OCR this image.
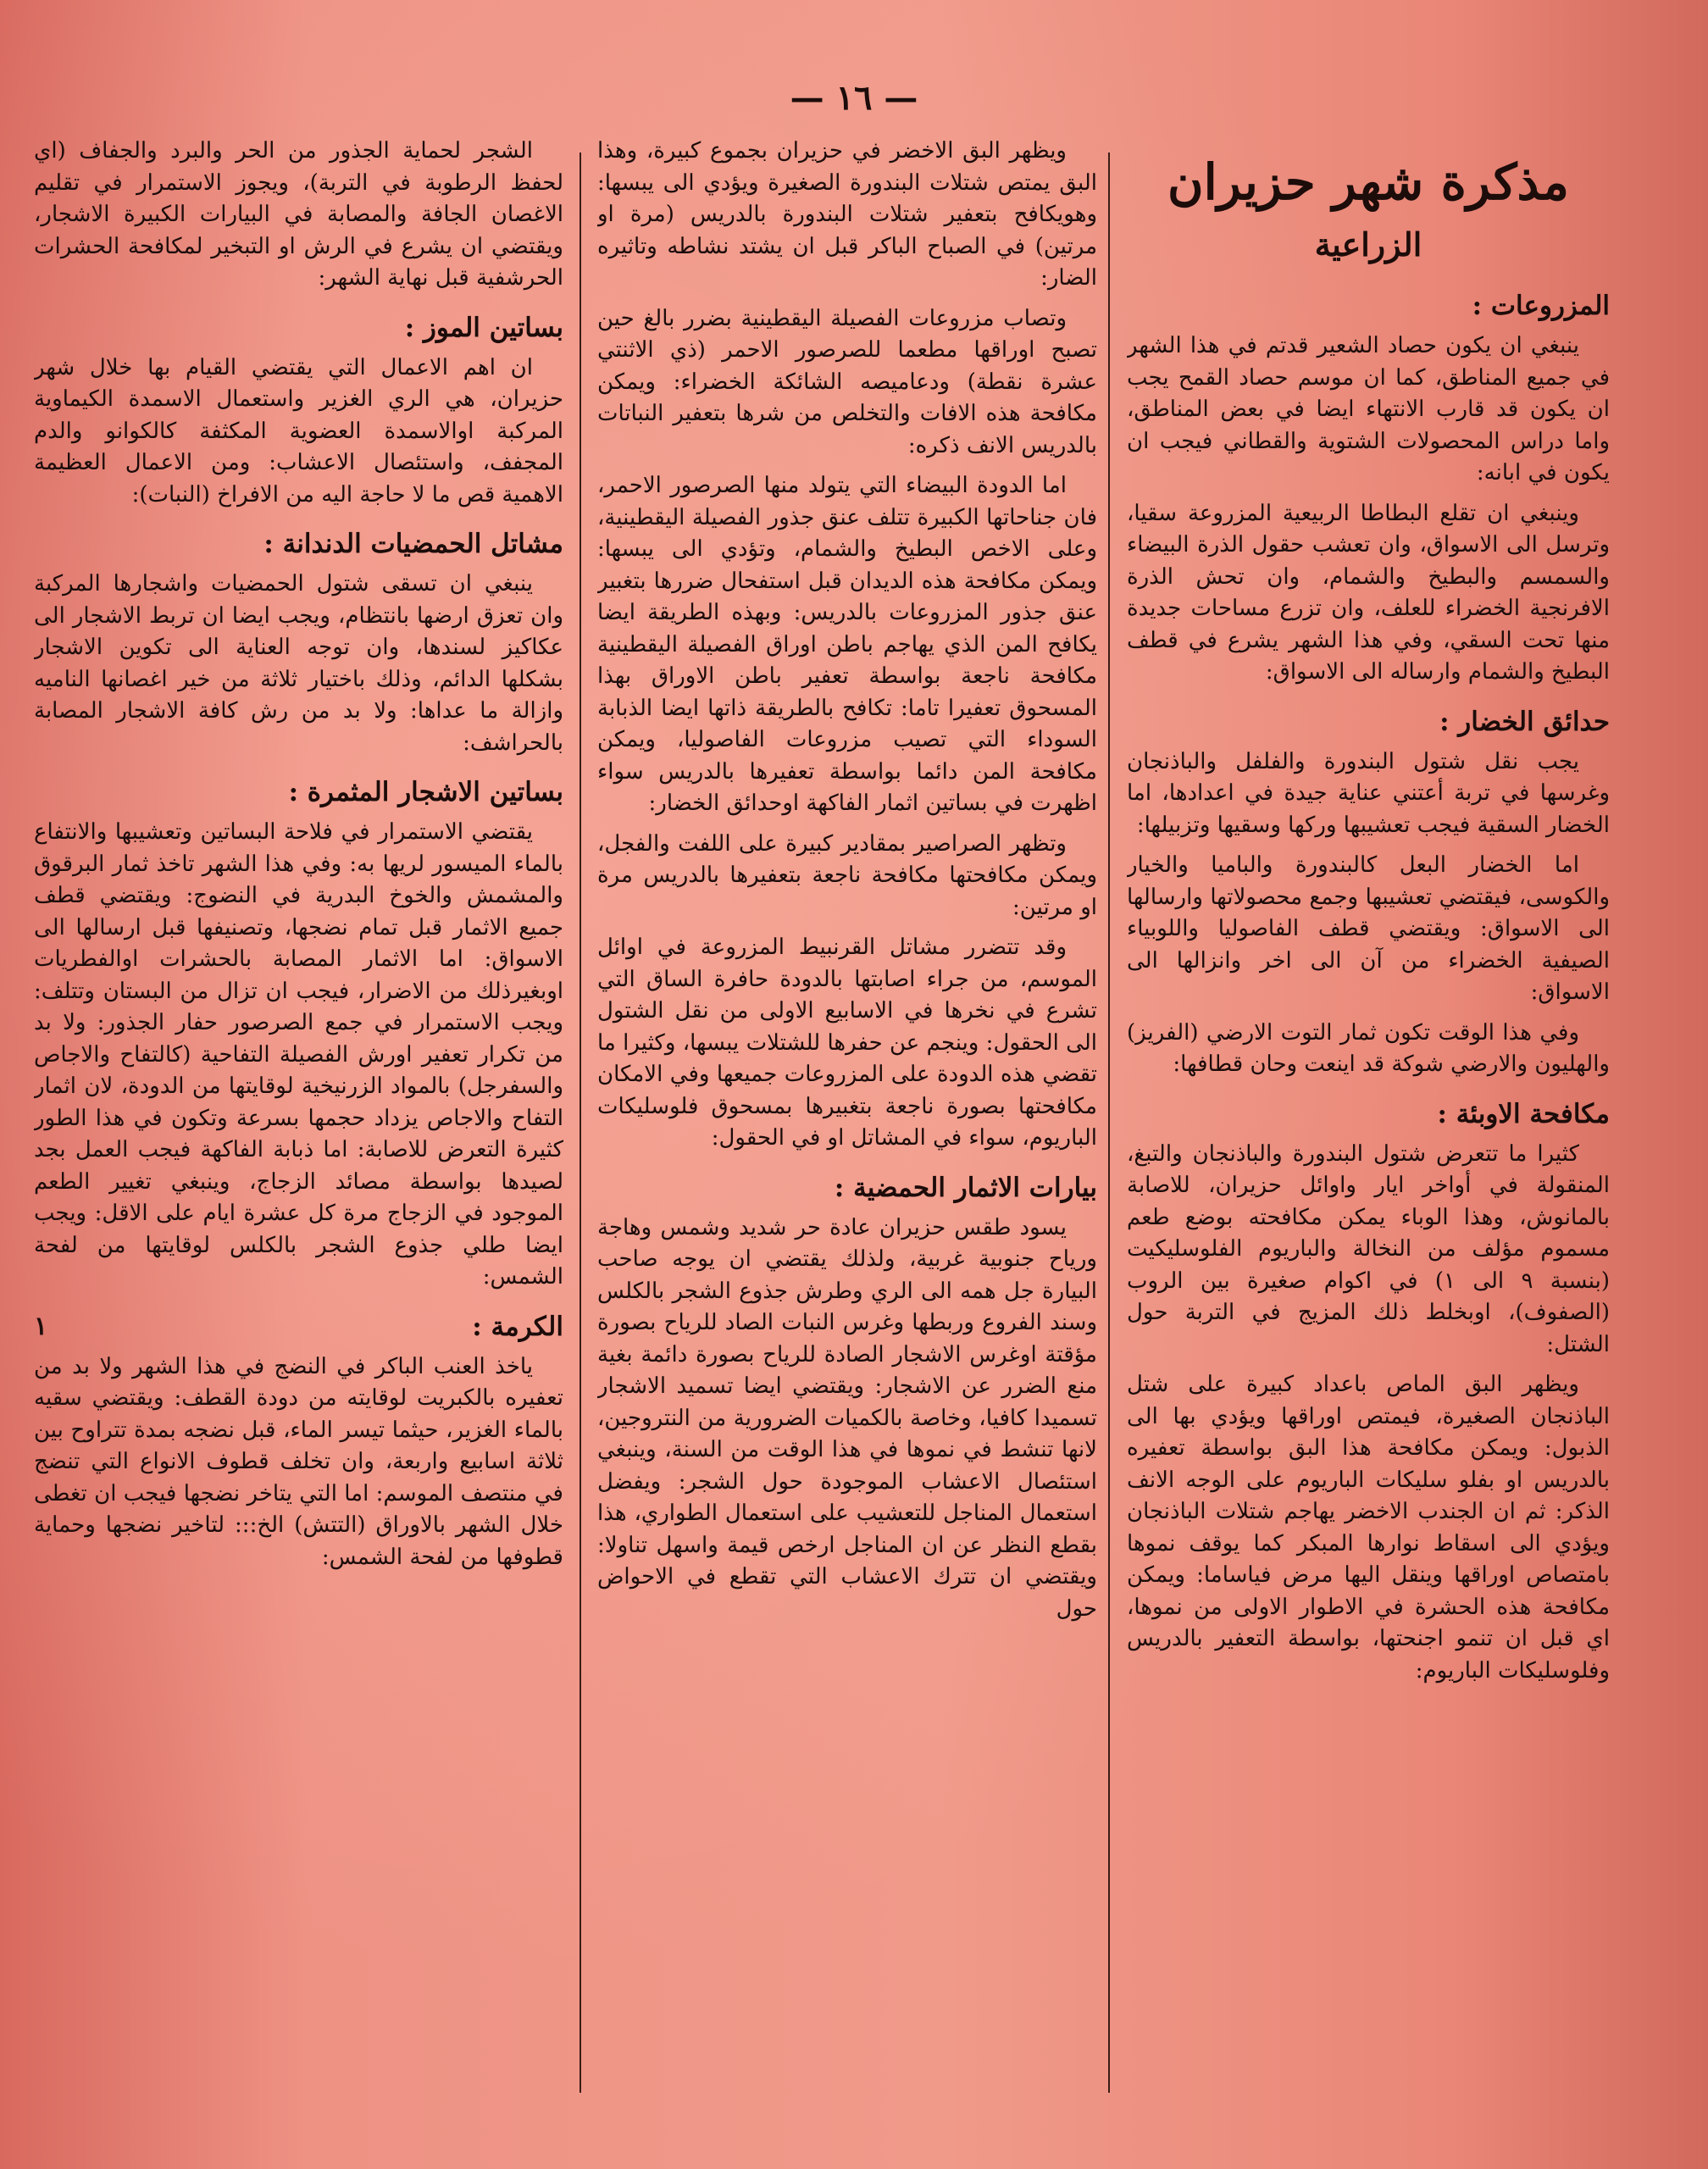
— ١٦ —
مذكرة شهر حزيران
الزراعية
المزروعات :

ينبغي ان يكون حصاد الشعير قدتم في هذا الشهر في جميع المناطق، كما ان موسم حصاد القمح يجب ان يكون قد قارب الانتهاء ايضا في بعض المناطق، واما دراس المحصولات الشتوية والقطاني فيجب ان يكون في ابانه:

وينبغي ان تقلع البطاطا الربيعية المزروعة سقيا، وترسل الى الاسواق، وان تعشب حقول الذرة البيضاء والسمسم والبطيخ والشمام، وان تحش الذرة الافرنجية الخضراء للعلف، وان تزرع مساحات جديدة منها تحت السقي، وفي هذا الشهر يشرع في قطف البطيخ والشمام وارساله الى الاسواق:

حدائق الخضار :

يجب نقل شتول البندورة والفلفل والباذنجان وغرسها في تربة أعتني عناية جيدة في اعدادها، اما الخضار السقية فيجب تعشيبها وركها وسقيها وتزبيلها:

اما الخضار البعل كالبندورة والباميا والخيار والكوسى، فيقتضي تعشيبها وجمع محصولاتها وارسالها الى الاسواق: ويقتضي قطف الفاصوليا واللوبياء الصيفية الخضراء من آن الى اخر وانزالها الى الاسواق:

وفي هذا الوقت تكون ثمار التوت الارضي (الفريز) والهليون والارضي شوكة قد اينعت وحان قطافها:

مكافحة الاوبئة :

كثيرا ما تتعرض شتول البندورة والباذنجان والتبغ، المنقولة في أواخر ايار واوائل حزيران، للاصابة بالمانوش، وهذا الوباء يمكن مكافحته بوضع طعم مسموم مؤلف من النخالة والباريوم الفلوسليكيت (بنسبة ٩ الى ١) في اكوام صغيرة بين الروب (الصفوف)، اوبخلط ذلك المزيج في التربة حول الشتل:

ويظهر البق الماص باعداد كبيرة على شتل الباذنجان الصغيرة، فيمتص اوراقها ويؤدي بها الى الذبول: ويمكن مكافحة هذا البق بواسطة تعفيره بالدريس او بفلو سليكات الباريوم على الوجه الانف الذكر: ثم ان الجندب الاخضر يهاجم شتلات الباذنجان ويؤدي الى اسقاط نوارها المبكر كما يوقف نموها بامتصاص اوراقها وينقل اليها مرض فياساما: ويمكن مكافحة هذه الحشرة في الاطوار الاولى من نموها، اي قبل ان تنمو اجنحتها، بواسطة التعفير بالدريس وفلوسليكات الباريوم:

ويظهر البق الاخضر في حزيران بجموع كبيرة، وهذا البق يمتص شتلات البندورة الصغيرة ويؤدي الى يبسها: وهويكافح بتعفير شتلات البندورة بالدريس (مرة او مرتين) في الصباح الباكر قبل ان يشتد نشاطه وتاثيره الضار:

وتصاب مزروعات الفصيلة اليقطينية بضرر بالغ حين تصبح اوراقها مطعما للصرصور الاحمر (ذي الاثنتي عشرة نقطة) ودعاميصه الشائكة الخضراء: ويمكن مكافحة هذه الافات والتخلص من شرها بتعفير النباتات بالدريس الانف ذكره:

اما الدودة البيضاء التي يتولد منها الصرصور الاحمر، فان جناحاتها الكبيرة تتلف عنق جذور الفصيلة اليقطينية، وعلى الاخص البطيخ والشمام، وتؤدي الى يبسها: ويمكن مكافحة هذه الديدان قبل استفحال ضررها بتغبير عنق جذور المزروعات بالدريس: وبهذه الطريقة ايضا يكافح المن الذي يهاجم باطن اوراق الفصيلة اليقطينية مكافحة ناجعة بواسطة تعفير باطن الاوراق بهذا المسحوق تعفيرا تاما: تكافح بالطريقة ذاتها ايضا الذبابة السوداء التي تصيب مزروعات الفاصوليا، ويمكن مكافحة المن دائما بواسطة تعفيرها بالدريس سواء اظهرت في بساتين اثمار الفاكهة اوحدائق الخضار:

وتظهر الصراصير بمقادير كبيرة على اللفت والفجل، ويمكن مكافحتها مكافحة ناجعة بتعفيرها بالدريس مرة او مرتين:

وقد تتضرر مشاتل القرنبيط المزروعة في اوائل الموسم، من جراء اصابتها بالدودة حافرة الساق التي تشرع في نخرها في الاسابيع الاولى من نقل الشتول الى الحقول: وينجم عن حفرها للشتلات يبسها، وكثيرا ما تقضي هذه الدودة على المزروعات جميعها وفي الامكان مكافحتها بصورة ناجعة بتغبيرها بمسحوق فلوسليكات الباريوم، سواء في المشاتل او في الحقول:

بيارات الاثمار الحمضية :

يسود طقس حزيران عادة حر شديد وشمس وهاجة ورياح جنوبية غربية، ولذلك يقتضي ان يوجه صاحب البيارة جل همه الى الري وطرش جذوع الشجر بالكلس وسند الفروع وربطها وغرس النبات الصاد للرياح بصورة مؤقتة اوغرس الاشجار الصادة للرياح بصورة دائمة بغية منع الضرر عن الاشجار: ويقتضي ايضا تسميد الاشجار تسميدا كافيا، وخاصة بالكميات الضرورية من النتروجين، لانها تنشط في نموها في هذا الوقت من السنة، وينبغي استئصال الاعشاب الموجودة حول الشجر: ويفضل استعمال المناجل للتعشيب على استعمال الطواري، هذا بقطع النظر عن ان المناجل ارخص قيمة واسهل تناولا: ويقتضي ان تترك الاعشاب التي تقطع في الاحواض حول

الشجر لحماية الجذور من الحر والبرد والجفاف (اي لحفظ الرطوبة في التربة)، ويجوز الاستمرار في تقليم الاغصان الجافة والمصابة في البيارات الكبيرة الاشجار، ويقتضي ان يشرع في الرش او التبخير لمكافحة الحشرات الحرشفية قبل نهاية الشهر:

بساتين الموز :

ان اهم الاعمال التي يقتضي القيام بها خلال شهر حزيران، هي الري الغزير واستعمال الاسمدة الكيماوية المركبة اوالاسمدة العضوية المكثفة كالكوانو والدم المجفف، واستئصال الاعشاب: ومن الاعمال العظيمة الاهمية قص ما لا حاجة اليه من الافراخ (النبات):

مشاتل الحمضيات الدندانة :

ينبغي ان تسقى شتول الحمضيات واشجارها المركبة وان تعزق ارضها بانتظام، ويجب ايضا ان تربط الاشجار الى عكاكيز لسندها، وان توجه العناية الى تكوين الاشجار بشكلها الدائم، وذلك باختيار ثلاثة من خير اغصانها الناميه وازالة ما عداها: ولا بد من رش كافة الاشجار المصابة بالحراشف:

بساتين الاشجار المثمرة :

يقتضي الاستمرار في فلاحة البساتين وتعشيبها والانتفاع بالماء الميسور لريها به: وفي هذا الشهر تاخذ ثمار البرقوق والمشمش والخوخ البدرية في النضوج: ويقتضي قطف جميع الاثمار قبل تمام نضجها، وتصنيفها قبل ارسالها الى الاسواق: اما الاثمار المصابة بالحشرات اوالفطريات اوبغيرذلك من الاضرار، فيجب ان تزال من البستان وتتلف: ويجب الاستمرار في جمع الصرصور حفار الجذور: ولا بد من تكرار تعفير اورش الفصيلة التفاحية (كالتفاح والاجاص والسفرجل) بالمواد الزرنيخية لوقايتها من الدودة، لان اثمار التفاح والاجاص يزداد حجمها بسرعة وتكون في هذا الطور كثيرة التعرض للاصابة: اما ذبابة الفاكهة فيجب العمل بجد لصيدها بواسطة مصائد الزجاج، وينبغي تغيير الطعم الموجود في الزجاج مرة كل عشرة ايام على الاقل: ويجب ايضا طلي جذوع الشجر بالكلس لوقايتها من لفحة الشمس:

الكرمة :
١

ياخذ العنب الباكر في النضج في هذا الشهر ولا بد من تعفيره بالكبريت لوقايته من دودة القطف: ويقتضي سقيه بالماء الغزير، حيثما تيسر الماء، قبل نضجه بمدة تتراوح بين ثلاثة اسابيع واربعة، وان تخلف قطوف الانواع التي تنضج في منتصف الموسم: اما التي يتاخر نضجها فيجب ان تغطى خلال الشهر بالاوراق (التتش) الخ::: لتاخير نضجها وحماية قطوفها من لفحة الشمس:
